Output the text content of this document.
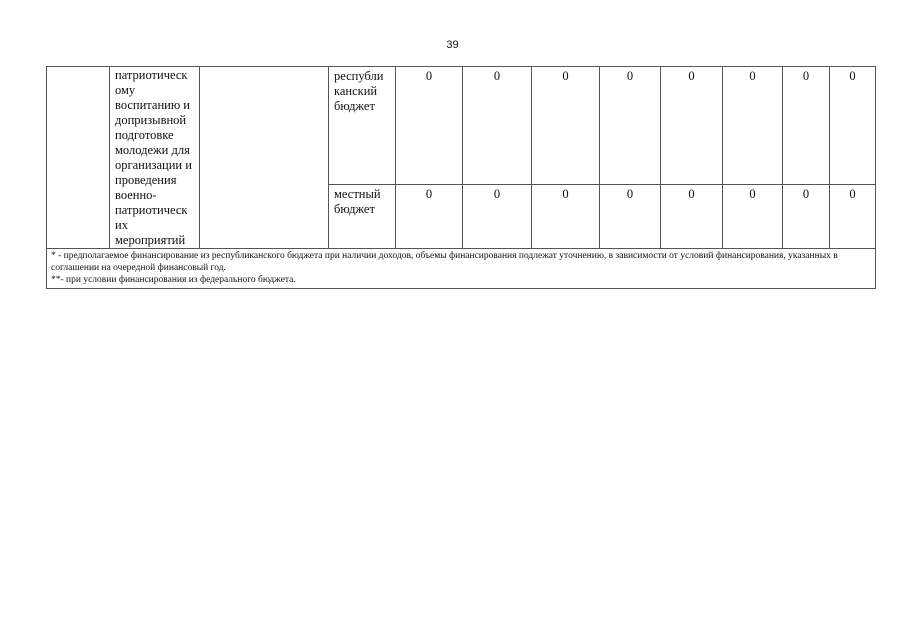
39
	патриотическ ому воспитанию и допризывной подготовке молодежи для организации и проведения военно-патриотическ их мероприятий		республи канский бюджет	0	0	0	0	0	0	0	0
			местный бюджет	0	0	0	0	0	0	0	0

* - предполагаемое финансирование из республиканского бюджета при наличии доходов, объемы финансирования подлежат уточнению, в зависимости от условий финансирования, указанных в соглашении на очередной финансовый год.
**- при условии финансирования из федерального бюджета.											
